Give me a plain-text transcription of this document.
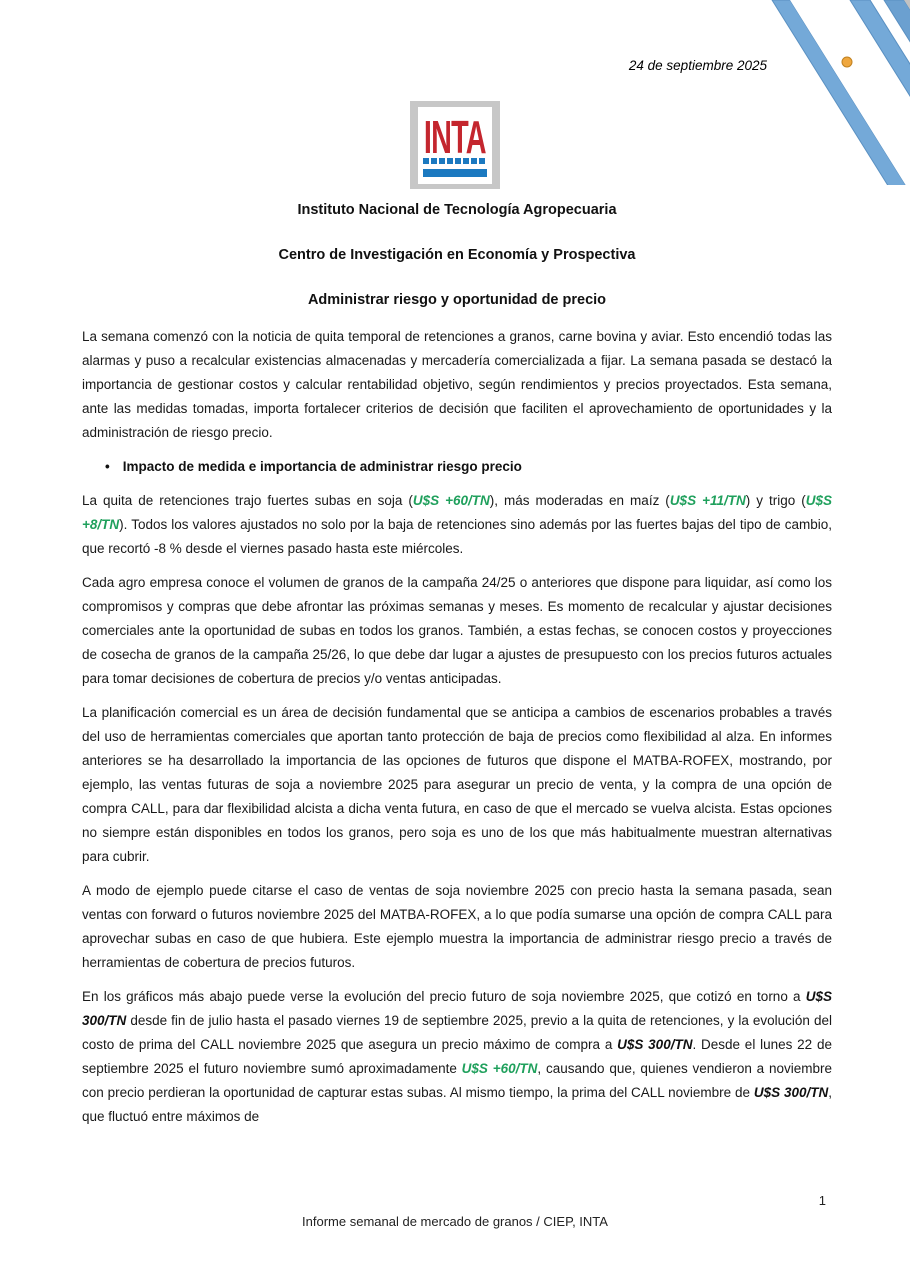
24 de septiembre 2025
INTA
Instituto Nacional de Tecnología Agropecuaria
Centro de Investigación en Economía y Prospectiva
Administrar riesgo y oportunidad de precio

La semana comenzó con la noticia de quita temporal de retenciones a granos, carne bovina y aviar. Esto encendió todas las alarmas y puso a recalcular existencias almacenadas y mercadería comercializada a fijar. La semana pasada se destacó la importancia de gestionar costos y calcular rentabilidad objetivo, según rendimientos y precios proyectados. Esta semana, ante las medidas tomadas, importa fortalecer criterios de decisión que faciliten el aprovechamiento de oportunidades y la administración de riesgo precio.

• Impacto de medida e importancia de administrar riesgo precio

La quita de retenciones trajo fuertes subas en soja (U$S +60/TN), más moderadas en maíz (U$S +11/TN) y trigo (U$S +8/TN). Todos los valores ajustados no solo por la baja de retenciones sino además por las fuertes bajas del tipo de cambio, que recortó -8 % desde el viernes pasado hasta este miércoles.

Cada agro empresa conoce el volumen de granos de la campaña 24/25 o anteriores que dispone para liquidar, así como los compromisos y compras que debe afrontar las próximas semanas y meses. Es momento de recalcular y ajustar decisiones comerciales ante la oportunidad de subas en todos los granos. También, a estas fechas, se conocen costos y proyecciones de cosecha de granos de la campaña 25/26, lo que debe dar lugar a ajustes de presupuesto con los precios futuros actuales para tomar decisiones de cobertura de precios y/o ventas anticipadas.

La planificación comercial es un área de decisión fundamental que se anticipa a cambios de escenarios probables a través del uso de herramientas comerciales que aportan tanto protección de baja de precios como flexibilidad al alza. En informes anteriores se ha desarrollado la importancia de las opciones de futuros que dispone el MATBA-ROFEX, mostrando, por ejemplo, las ventas futuras de soja a noviembre 2025 para asegurar un precio de venta, y la compra de una opción de compra CALL, para dar flexibilidad alcista a dicha venta futura, en caso de que el mercado se vuelva alcista. Estas opciones no siempre están disponibles en todos los granos, pero soja es uno de los que más habitualmente muestran alternativas para cubrir.

A modo de ejemplo puede citarse el caso de ventas de soja noviembre 2025 con precio hasta la semana pasada, sean ventas con forward o futuros noviembre 2025 del MATBA-ROFEX, a lo que podía sumarse una opción de compra CALL para aprovechar subas en caso de que hubiera. Este ejemplo muestra la importancia de administrar riesgo precio a través de herramientas de cobertura de precios futuros.

En los gráficos más abajo puede verse la evolución del precio futuro de soja noviembre 2025, que cotizó en torno a U$S 300/TN desde fin de julio hasta el pasado viernes 19 de septiembre 2025, previo a la quita de retenciones, y la evolución del costo de prima del CALL noviembre 2025 que asegura un precio máximo de compra a U$S 300/TN. Desde el lunes 22 de septiembre 2025 el futuro noviembre sumó aproximadamente U$S +60/TN, causando que, quienes vendieron a noviembre con precio perdieran la oportunidad de capturar estas subas. Al mismo tiempo, la prima del CALL noviembre de U$S 300/TN, que fluctuó entre máximos de

1
Informe semanal de mercado de granos / CIEP, INTA
